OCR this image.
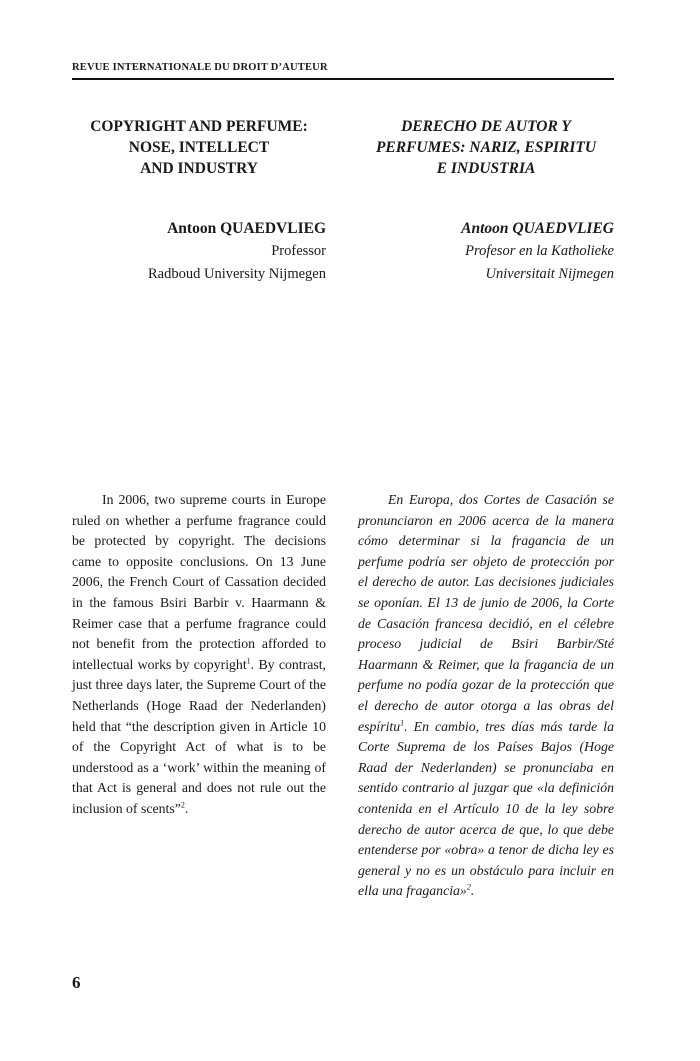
REVUE INTERNATIONALE DU DROIT D’AUTEUR
COPYRIGHT AND PERFUME:
NOSE, INTELLECT
AND INDUSTRY
DERECHO DE AUTOR Y
PERFUMES: NARIZ, ESPIRITU
E INDUSTRIA
Antoon QUAEDVLIEG
Professor
Radboud University Nijmegen
Antoon QUAEDVLIEG
Profesor en la Katholieke
Universitait Nijmegen
In 2006, two supreme courts in Europe ruled on whether a perfume fragrance could be protected by copyright. The decisions came to opposite conclusions. On 13 June 2006, the French Court of Cassation decided in the famous Bsiri Barbir v. Haarmann & Reimer case that a perfume fragrance could not benefit from the protection afforded to intellectual works by copyright$^1$. By contrast, just three days later, the Supreme Court of the Netherlands (Hoge Raad der Nederlanden) held that “the description given in Article 10 of the Copyright Act of what is to be understood as a ‘work’ within the meaning of that Act is general and does not rule out the inclusion of scents”$^2$.
En Europa, dos Cortes de Casación se pronunciaron en 2006 acerca de la manera cómo determinar si la fragancia de un perfume podría ser objeto de protección por el derecho de autor. Las decisiones judiciales se oponían. El 13 de junio de 2006, la Corte de Casación francesa decidió, en el célebre proceso judicial de Bsiri Barbir/Sté Haarmann & Reimer, que la fragancia de un perfume no podía gozar de la protección que el derecho de autor otorga a las obras del espíritu$^1$. En cambio, tres días más tarde la Corte Suprema de los Países Bajos (Hoge Raad der Nederlanden) se pronunciaba en sentido contrario al juzgar que «la definición contenida en el Artículo 10 de la ley sobre derecho de autor acerca de que, lo que debe entenderse por «obra» a tenor de dicha ley es general y no es un obstáculo para incluir en ella una fragancia»$^2$.
6
